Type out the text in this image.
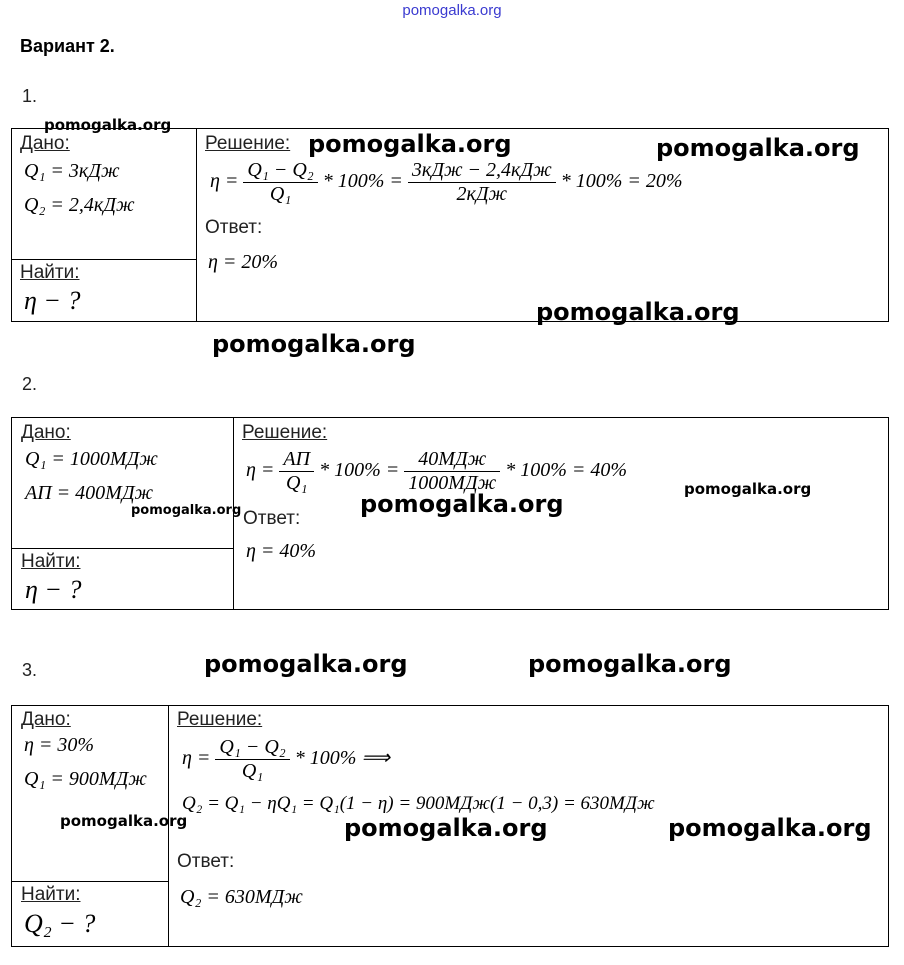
pomogalka.org
Вариант 2.
1.
pomogalka.org
Дано:
Q₁ = 3кДж
Q₂ = 2,4кДж
Найти:
η − ?
Решение:
$\eta = \frac{\text{Q₁ − Q₂}}{\text{Q₁}} * 100\% = \frac{\text{3кДж − 2,4кДж}}{\text{2кДж}} * 100\% = 20\%$
Ответ:
η = 20%
pomogalka.org	pomogalka.org
pomogalka.org
pomogalka.org
2.
Дано:
Q₁ = 1000МДж
AП = 400МДж
Найти:
η − ?
Решение:
$\eta = \frac{AП}{\text{Q₁}} * 100\% = \frac{\text{40МДж}}{\text{1000МДж}} * 100\% = 40\%$
Ответ:
η = 40%
pomogalka.org	pomogalka.org
pomogalka.org
3.	pomogalka.org	pomogalka.org
Дано:
η = 30%
Q₁ = 900МДж
Найти:
Q₂ − ?
Решение:
$\eta = \frac{\text{Q₁ − Q₂}}{\text{Q₁}} * 100\%$ ⟹
Q₂ = Q₁ − ηQ₁ = Q₁(1 − η) = 900МДж(1 − 0,3) = 630МДж
Ответ:
Q₂ = 630МДж
pomogalka.org	pomogalka.org	pomogalka.org
